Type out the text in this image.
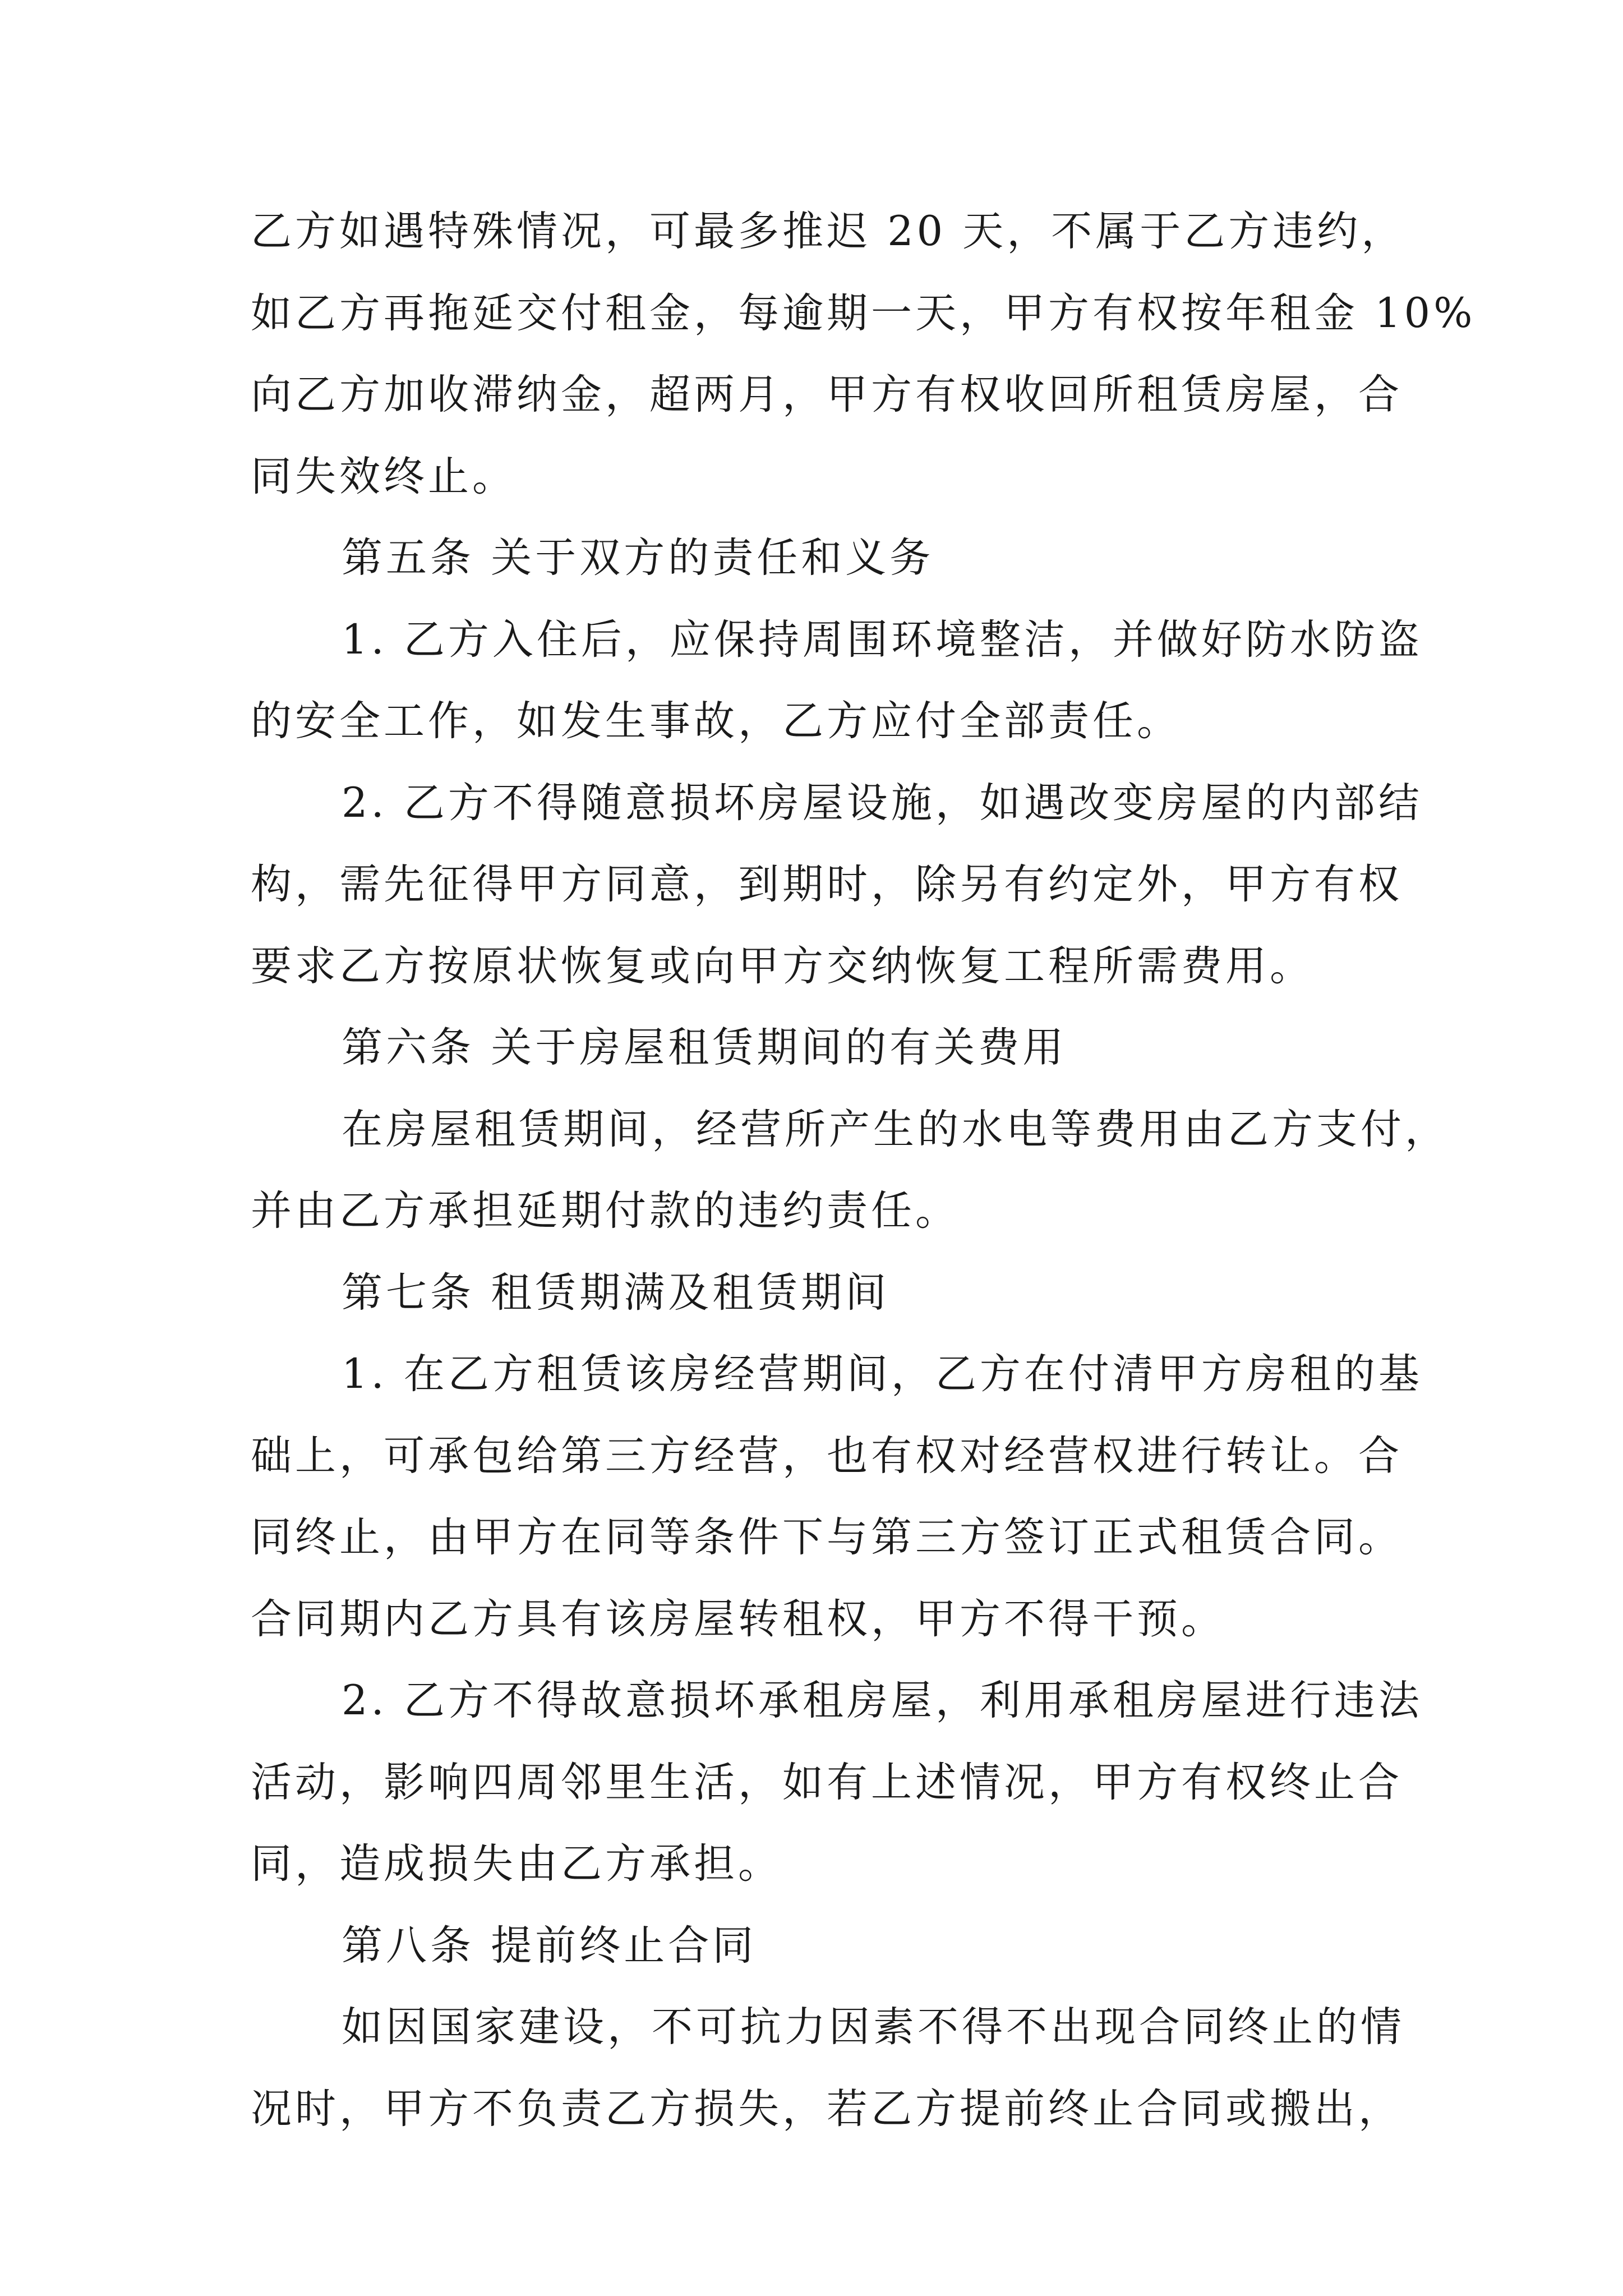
乙方如遇特殊情况，可最多推迟 20 天，不属于乙方违约，
如乙方再拖延交付租金，每逾期一天，甲方有权按年租金 10%
向乙方加收滞纳金，超两月，甲方有权收回所租赁房屋，合
同失效终止。
第五条 关于双方的责任和义务
1. 乙方入住后，应保持周围环境整洁，并做好防水防盗
的安全工作，如发生事故，乙方应付全部责任。
2. 乙方不得随意损坏房屋设施，如遇改变房屋的内部结
构，需先征得甲方同意，到期时，除另有约定外，甲方有权
要求乙方按原状恢复或向甲方交纳恢复工程所需费用。
第六条 关于房屋租赁期间的有关费用
在房屋租赁期间，经营所产生的水电等费用由乙方支付，
并由乙方承担延期付款的违约责任。
第七条 租赁期满及租赁期间
1. 在乙方租赁该房经营期间，乙方在付清甲方房租的基
础上，可承包给第三方经营，也有权对经营权进行转让。合
同终止，由甲方在同等条件下与第三方签订正式租赁合同。
合同期内乙方具有该房屋转租权，甲方不得干预。
2. 乙方不得故意损坏承租房屋，利用承租房屋进行违法
活动，影响四周邻里生活，如有上述情况，甲方有权终止合
同，造成损失由乙方承担。
第八条 提前终止合同
如因国家建设，不可抗力因素不得不出现合同终止的情
况时，甲方不负责乙方损失，若乙方提前终止合同或搬出，
